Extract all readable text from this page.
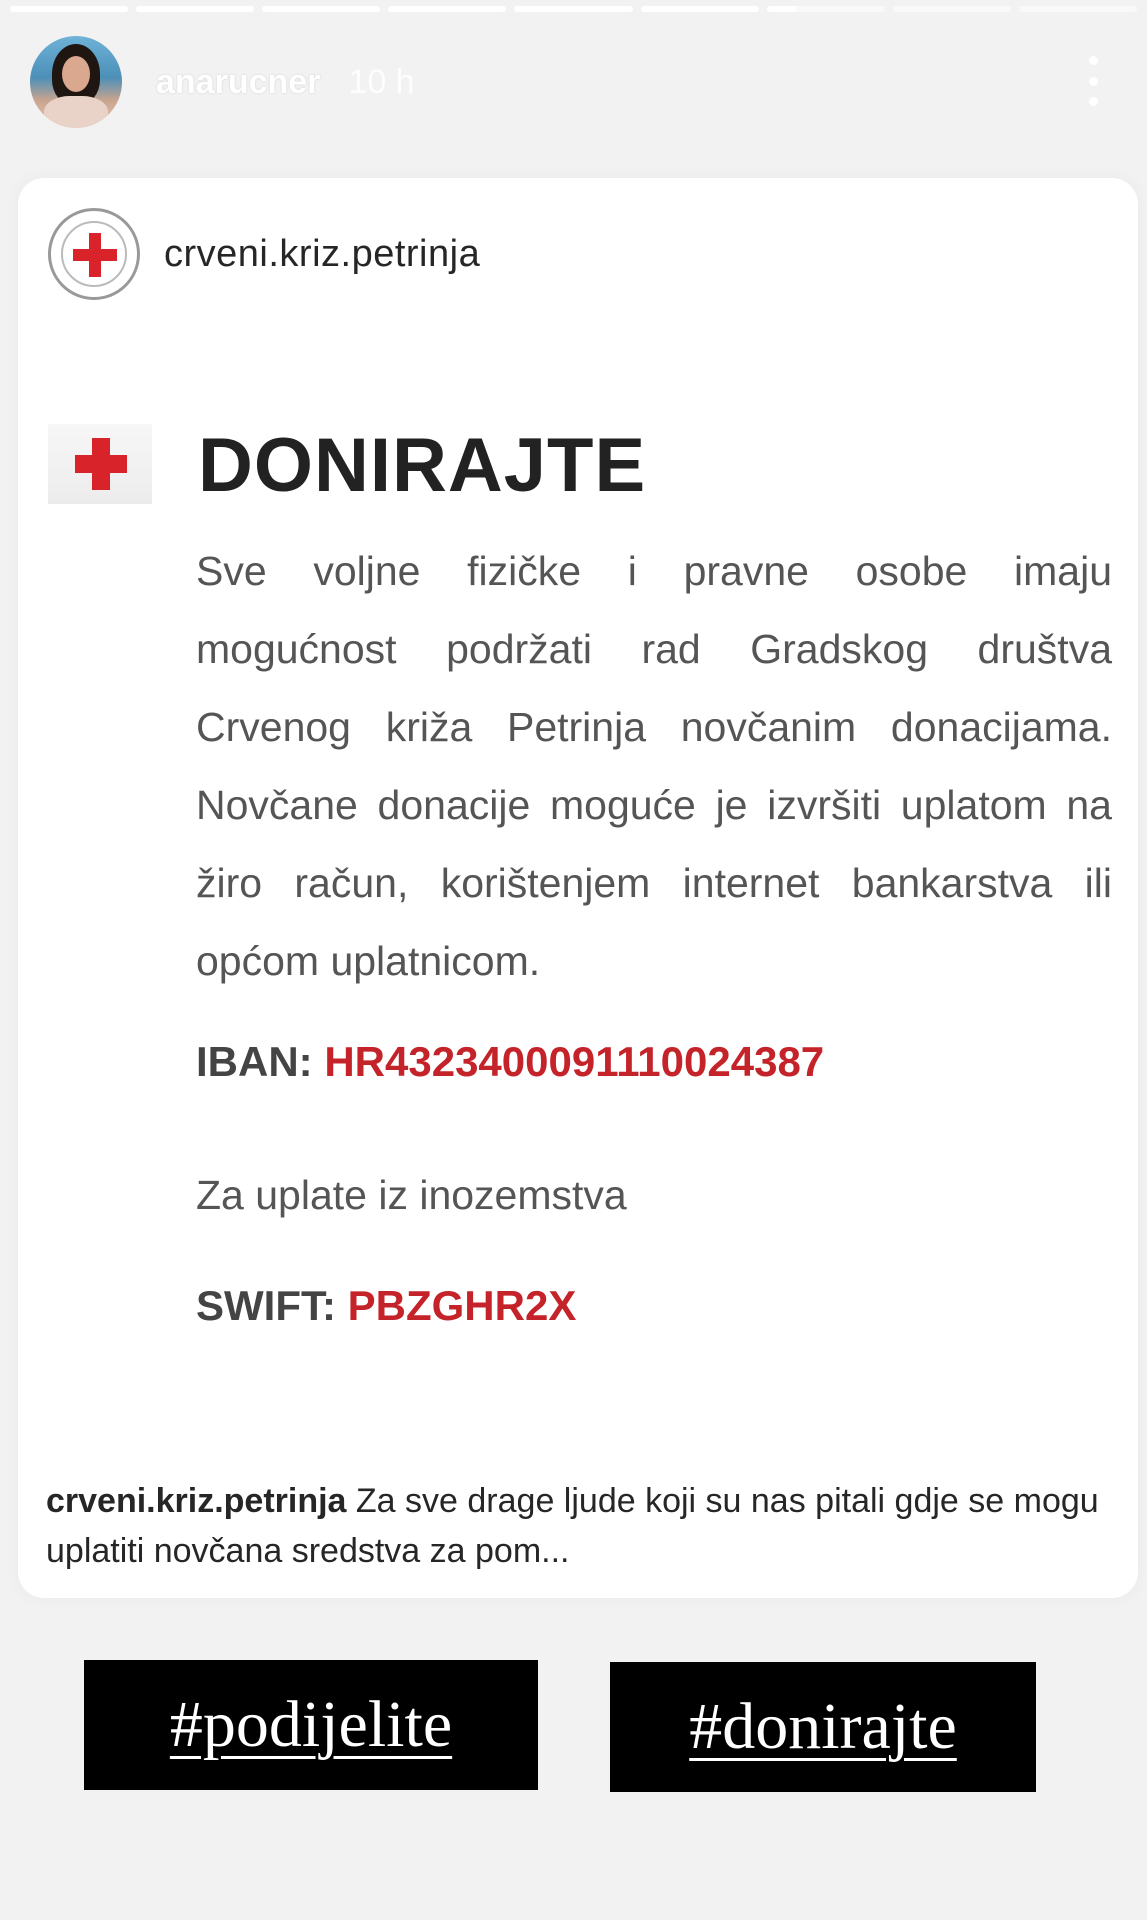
anarucner 10 h
crveni.kriz.petrinja
DONIRAJTE

Sve voljne fizičke i pravne osobe imaju mogućnost podržati rad Gradskog društva Crvenog križa Petrinja novčanim donacijama. Novčane donacije moguće je izvršiti uplatom na žiro račun, korištenjem internet bankarstva ili općom uplatnicom.

IBAN: HR4323400091110024387
Za uplate iz inozemstva
SWIFT: PBZGHR2X

crveni.kriz.petrinja Za sve drage ljude koji su nas pitali gdje se mogu uplatiti novčana sredstva za pom...

#podijelite	#donirajte
